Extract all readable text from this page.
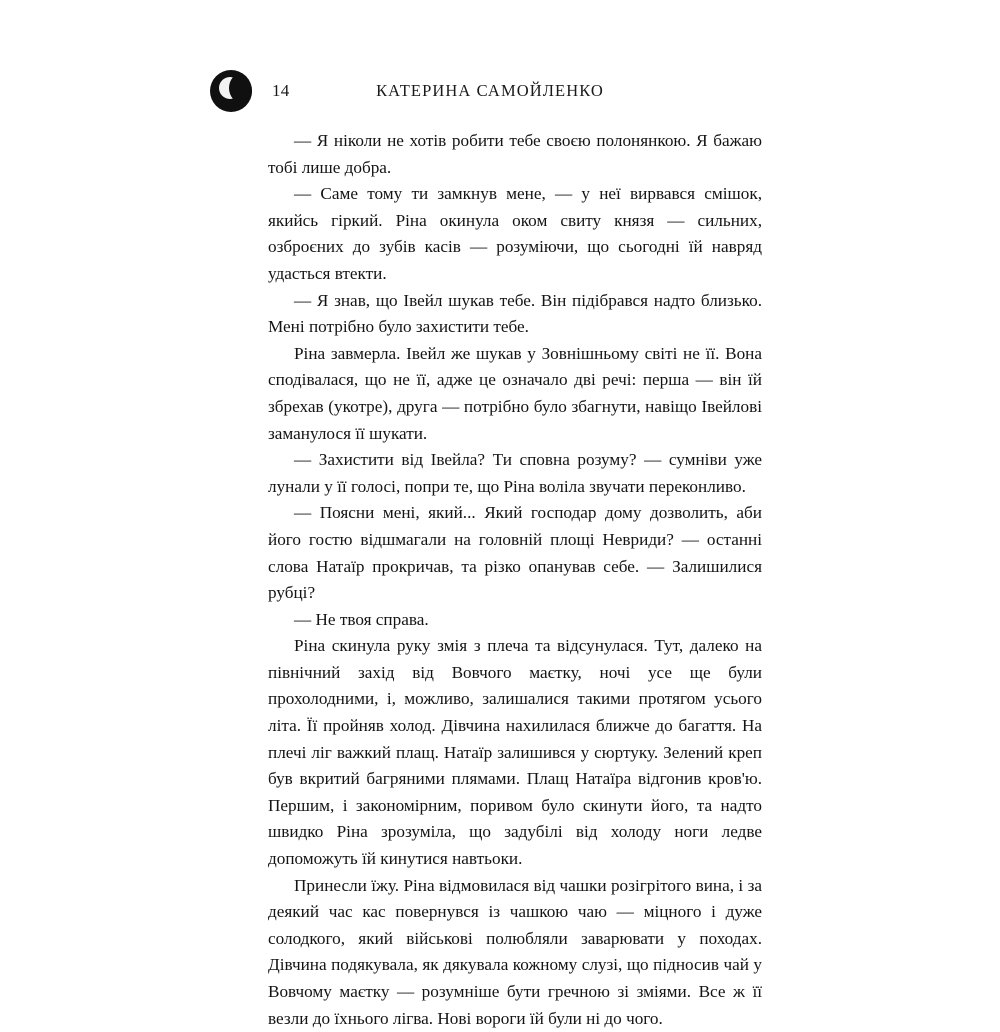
14	КАТЕРИНА САМОЙЛЕНКО

— Я ніколи не хотів робити тебе своєю полонянкою. Я бажаю тобі лише добра.

— Саме тому ти замкнув мене, — у неї вирвався смішок, якийсь гіркий. Ріна окинула оком свиту князя — сильних, озброєних до зубів касів — розуміючи, що сьогодні їй навряд удасться втекти.

— Я знав, що Івейл шукав тебе. Він підібрався надто близько. Мені потрібно було захистити тебе.

Ріна завмерла. Івейл же шукав у Зовнішньому світі не її. Вона сподівалася, що не її, адже це означало дві речі: перша — він їй збрехав (укотре), друга — потрібно було збагнути, навіщо Івейлові заманулося її шукати.

— Захистити від Івейла? Ти сповна розуму? — сумніви уже лунали у її голосі, попри те, що Ріна воліла звучати переконливо.

— Поясни мені, який... Який господар дому дозволить, аби його гостю відшмагали на головній площі Невриди? — останні слова Натаїр прокричав, та різко опанував себе. — Залишилися рубці?

— Не твоя справа.

Ріна скинула руку змія з плеча та відсунулася. Тут, далеко на північний захід від Вовчого маєтку, ночі усе ще були прохолодними, і, можливо, залишалися такими протягом усього літа. Її пройняв холод. Дівчина нахилилася ближче до багаття. На плечі ліг важкий плащ. Натаїр залишився у сюртуку. Зелений креп був вкритий багряними плямами. Плащ Натаїра відгонив кров'ю. Першим, і закономірним, поривом було скинути його, та надто швидко Ріна зрозуміла, що задубілі від холоду ноги ледве допоможуть їй кинутися навтьоки.

Принесли їжу. Ріна відмовилася від чашки розігрітого вина, і за деякий час кас повернувся із чашкою чаю — міцного і дуже солодкого, який військові полюбляли заварювати у походах. Дівчина подякувала, як дякувала кожному слузі, що підносив чай у Вовчому маєтку — розумніше бути гречною зі зміями. Все ж її везли до їхнього лігва. Нові вороги їй були ні до чого.
